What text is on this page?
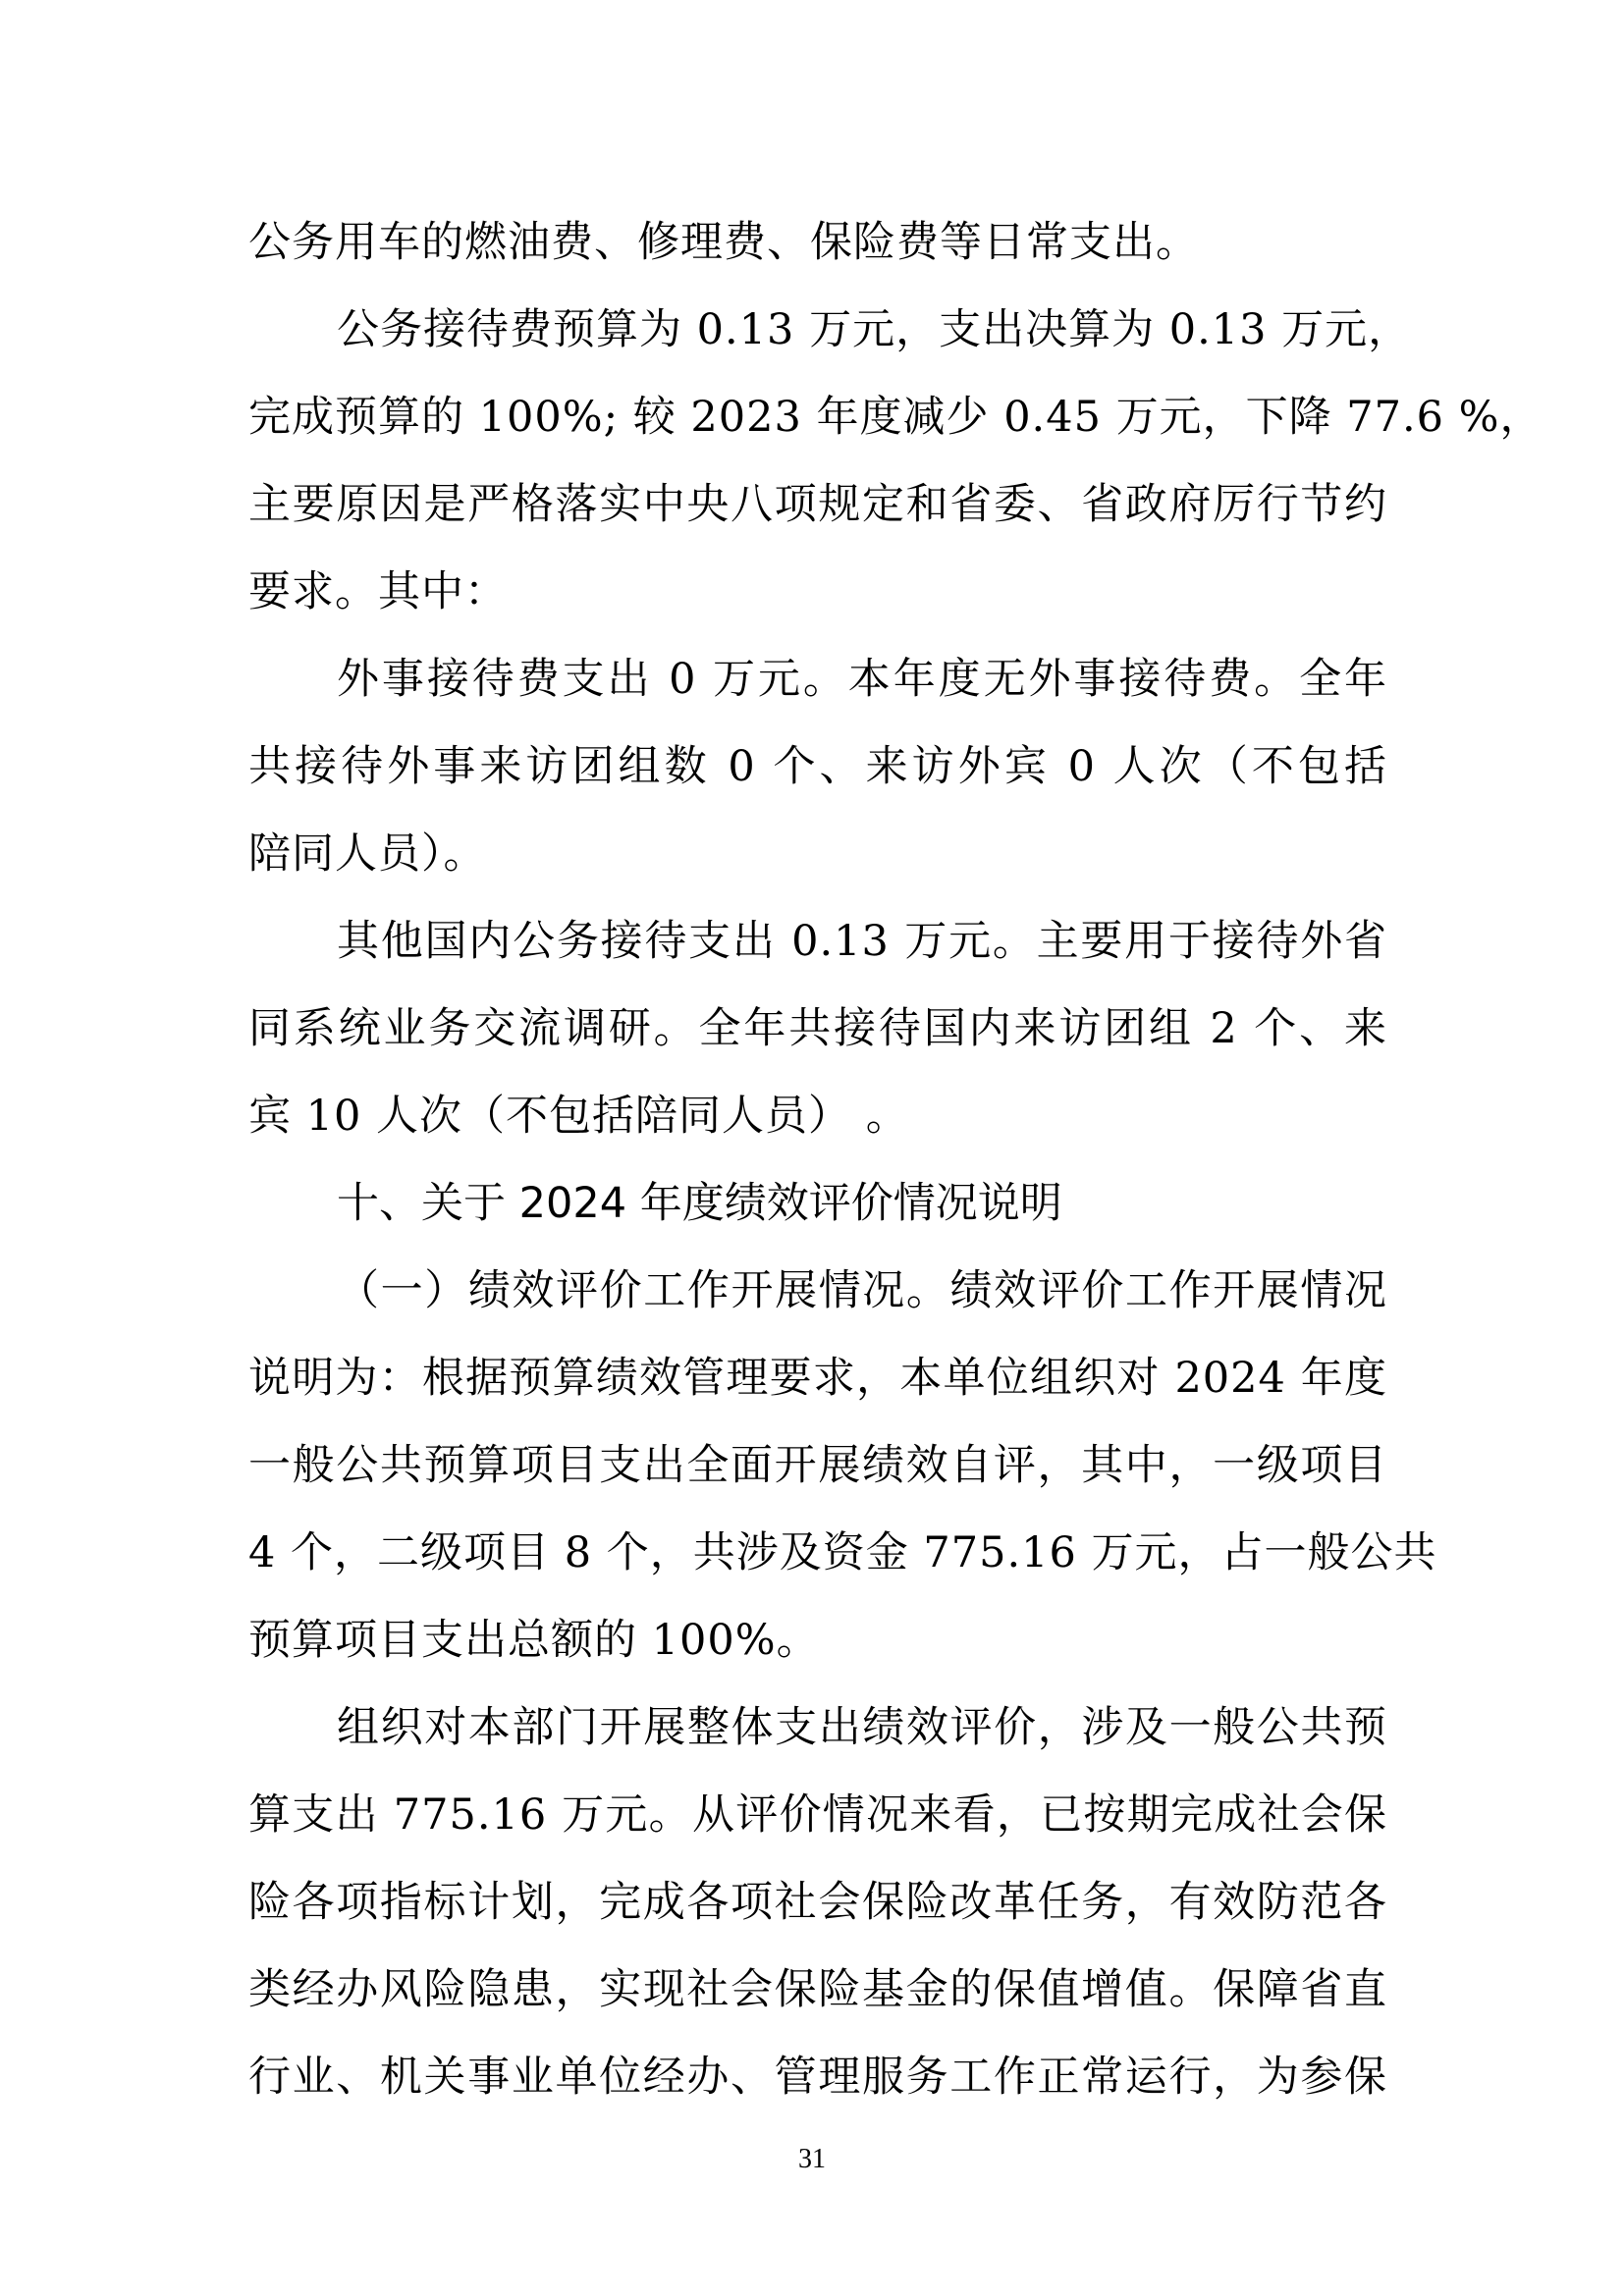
公务用车的燃油费、修理费、保险费等日常支出。
公务接待费预算为 0.13 万元，支出决算为 0.13 万元，
完成预算的 100%; 较 2023 年度减少 0.45 万元，下降 77.6 %，
主要原因是严格落实中央八项规定和省委、省政府厉行节约
要求。其中：
外事接待费支出 0 万元。本年度无外事接待费。全年
共接待外事来访团组数 0 个、来访外宾 0 人次（不包括
陪同人员）。
其他国内公务接待支出 0.13 万元。主要用于接待外省
同系统业务交流调研。全年共接待国内来访团组 2 个、来
宾 10 人次（不包括陪同人员） 。
十、关于 2024 年度绩效评价情况说明
（一）绩效评价工作开展情况。绩效评价工作开展情况
说明为：根据预算绩效管理要求，本单位组织对 2024 年度
一般公共预算项目支出全面开展绩效自评，其中，一级项目
4 个，二级项目 8 个，共涉及资金 775.16 万元，占一般公共
预算项目支出总额的 100%。
组织对本部门开展整体支出绩效评价，涉及一般公共预
算支出 775.16 万元。从评价情况来看，已按期完成社会保
险各项指标计划，完成各项社会保险改革任务，有效防范各
类经办风险隐患，实现社会保险基金的保值增值。保障省直
行业、机关事业单位经办、管理服务工作正常运行，为参保
31
